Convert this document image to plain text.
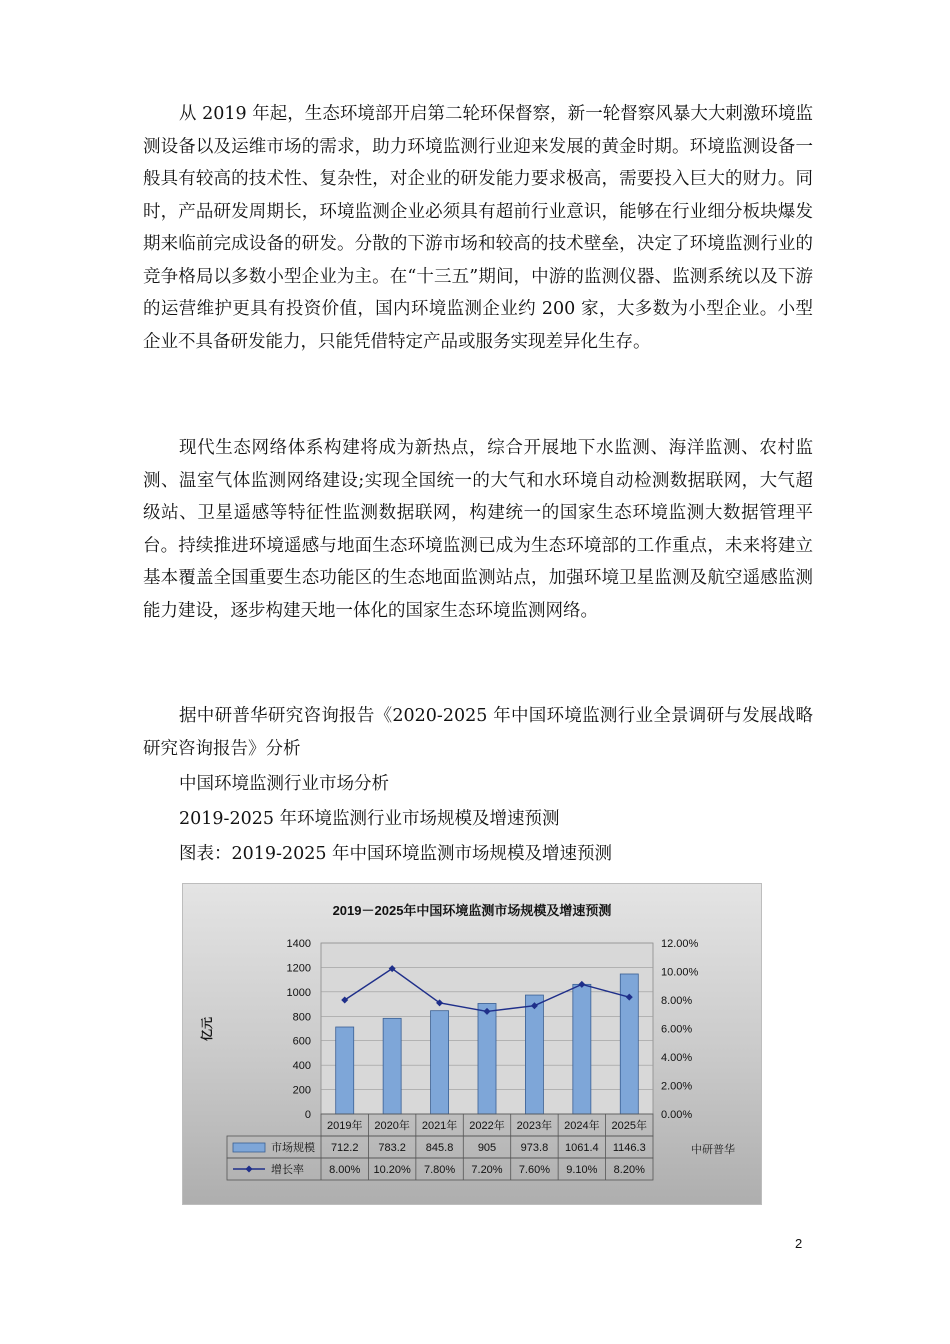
从 2019 年起，生态环境部开启第二轮环保督察，新一轮督察风暴大大刺激环境监测设备以及运维市场的需求，助力环境监测行业迎来发展的黄金时期。环境监测设备一般具有较高的技术性、复杂性，对企业的研发能力要求极高，需要投入巨大的财力。同时，产品研发周期长，环境监测企业必须具有超前行业意识，能够在行业细分板块爆发期来临前完成设备的研发。分散的下游市场和较高的技术壁垒，决定了环境监测行业的竞争格局以多数小型企业为主。在“十三五”期间，中游的监测仪器、监测系统以及下游的运营维护更具有投资价值，国内环境监测企业约 200 家，大多数为小型企业。小型企业不具备研发能力，只能凭借特定产品或服务实现差异化生存。

现代生态网络体系构建将成为新热点，综合开展地下水监测、海洋监测、农村监测、温室气体监测网络建设;实现全国统一的大气和水环境自动检测数据联网，大气超级站、卫星遥感等特征性监测数据联网，构建统一的国家生态环境监测大数据管理平台。持续推进环境遥感与地面生态环境监测已成为生态环境部的工作重点，未来将建立基本覆盖全国重要生态功能区的生态地面监测站点，加强环境卫星监测及航空遥感监测能力建设，逐步构建天地一体化的国家生态环境监测网络。

据中研普华研究咨询报告《2020-2025 年中国环境监测行业全景调研与发展战略研究咨询报告》分析

中国环境监测行业市场分析

2019-2025 年环境监测行业市场规模及增速预测

图表：2019-2025 年中国环境监测市场规模及增速预测

2019－2025年中国环境监测市场规模及增速预测
1400
1200
1000
800
600
400
200
0
12.00%
10.00%
8.00%
6.00%
4.00%
2.00%
0.00%
亿元
2019年 2020年 2021年 2022年 2023年 2024年 2025年
市场规模 712.2 783.2 845.8 905 973.8 1061.4 1146.3
增长率 8.00% 10.20% 7.80% 7.20% 7.60% 9.10% 8.20%
中研普华
2
